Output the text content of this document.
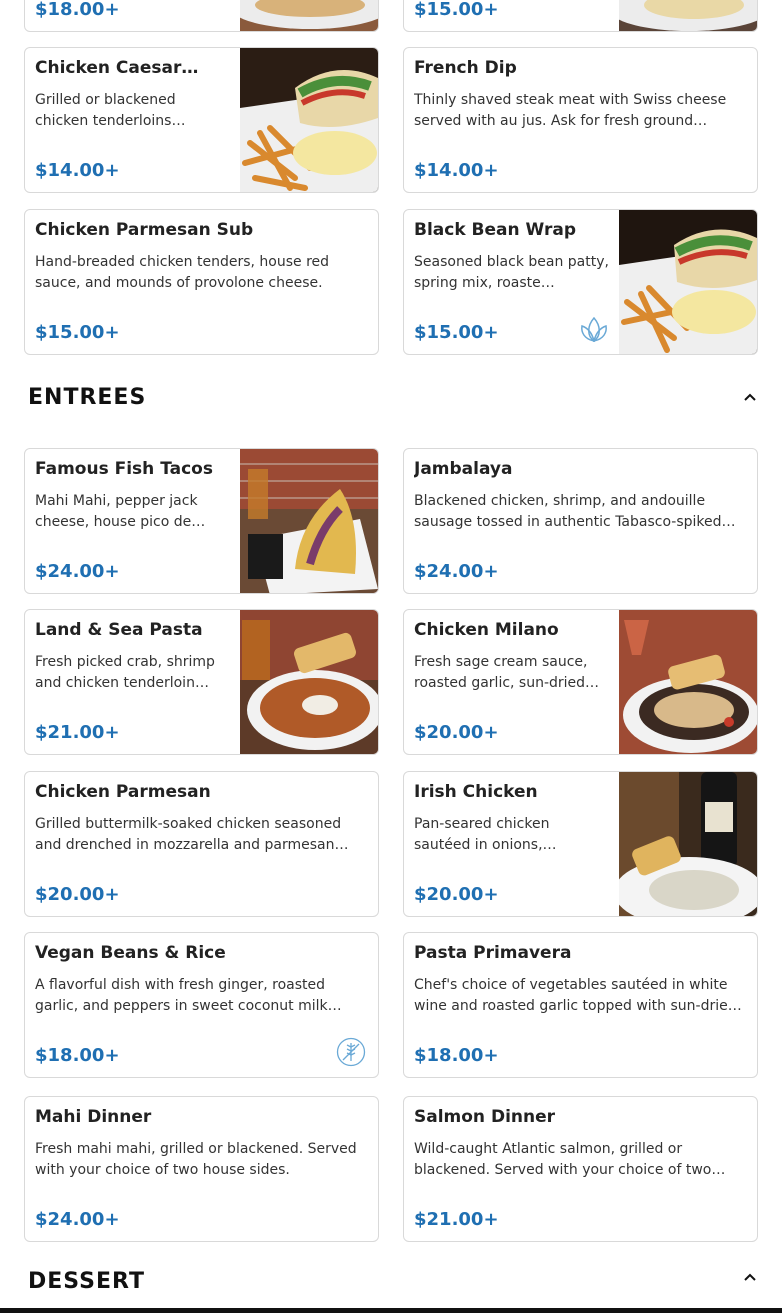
$18.00+	$15.00+
Chicken Caesar…
Grilled or blackened chicken tenderloins…
$14.00+
French Dip
Thinly shaved steak meat with Swiss cheese served with au jus. Ask for fresh ground…
$14.00+
Chicken Parmesan Sub
Hand-breaded chicken tenders, house red sauce, and mounds of provolone cheese.
$15.00+
Black Bean Wrap
Seasoned black bean patty, spring mix, roaste…
$15.00+
ENTREES
Famous Fish Tacos
Mahi Mahi, pepper jack cheese, house pico de…
$24.00+
Jambalaya
Blackened chicken, shrimp, and andouille sausage tossed in authentic Tabasco-spiked…
$24.00+
Land & Sea Pasta
Fresh picked crab, shrimp and chicken tenderloin…
$21.00+
Chicken Milano
Fresh sage cream sauce, roasted garlic, sun-dried…
$20.00+
Chicken Parmesan
Grilled buttermilk-soaked chicken seasoned and drenched in mozzarella and parmesan…
$20.00+
Irish Chicken
Pan-seared chicken sautéed in onions,…
$20.00+
Vegan Beans & Rice
A flavorful dish with fresh ginger, roasted garlic, and peppers in sweet coconut milk…
$18.00+
Pasta Primavera
Chef's choice of vegetables sautéed in white wine and roasted garlic topped with sun-drie…
$18.00+
Mahi Dinner
Fresh mahi mahi, grilled or blackened. Served with your choice of two house sides.
$24.00+
Salmon Dinner
Wild-caught Atlantic salmon, grilled or blackened. Served with your choice of two…
$21.00+
DESSERT
